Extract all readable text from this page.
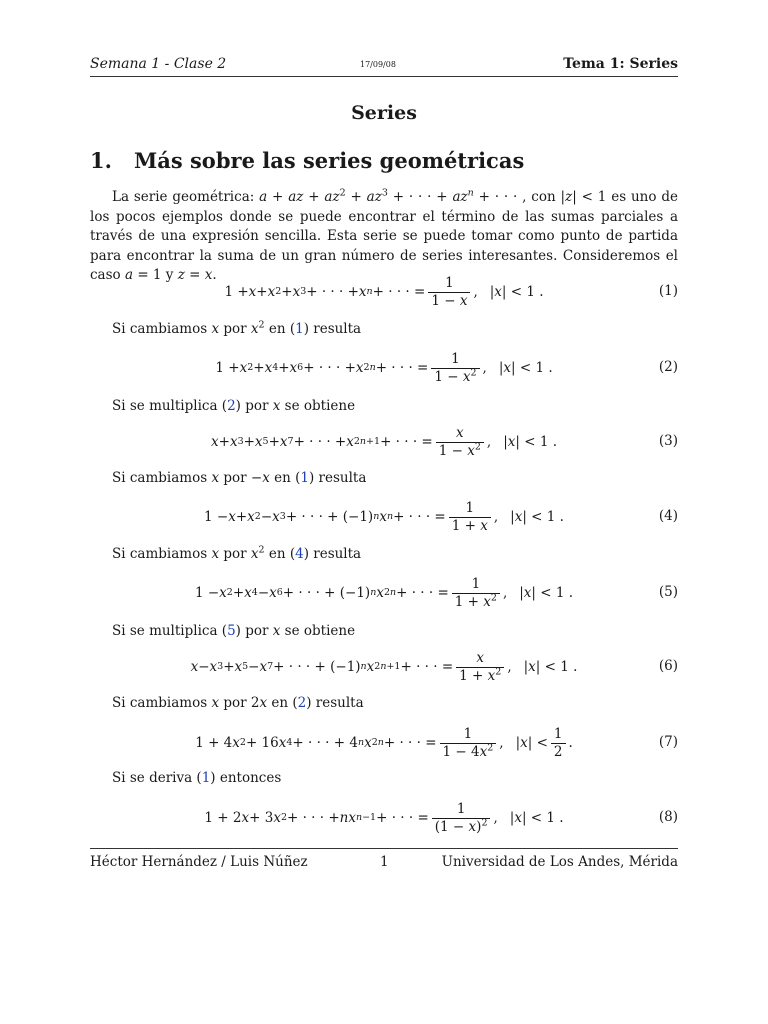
Semana 1 - Clase 2	17/09/08	Tema 1: Series
Series
1. Más sobre las series geométricas
La serie geométrica: a + az + $az^2 + az^3$ + · · · + $az^n$ + · · · , con |z| < 1 es uno de los pocos ejemplos donde se puede encontrar el término de las sumas parciales a través de una expresión sencilla. Esta serie se puede tomar como punto de partida para encontrar la suma de un gran número de series interesantes. Consideremos el caso a = 1 y z = x.
1 + x + x 2 + x 3 + · · · + x n + · · · = $\frac{1}{1 - x}$ , |x| < 1 .	(1)
Si cambiamos x por $x^2$ en (1) resulta
1 + x 2 + x 4 + x 6 + · · · + x 2n + · · · = $\frac{1}{1 - x^2}$ , |x| < 1 .	(2)
Si se multiplica (2) por x se obtiene
x + x 3 + x 5 + x 7 + · · · + x 2n+1 + · · · = $\frac{x}{1 - x^2}$ , |x| < 1 .	(3)
Si cambiamos x por −x en (1) resulta
1 − x + x 2 − x 3 + · · · + (−1) n x n + · · · = $\frac{1}{1 + x}$ , |x| < 1 .	(4)
Si cambiamos x por $x^2$ en (4) resulta
1 − x 2 + x 4 − x 6 + · · · + (−1) n x 2n + · · · = $\frac{1}{1 + x^2}$ , |x| < 1 .	(5)
Si se multiplica (5) por x se obtiene
x − x 3 + x 5 − x 7 + · · · + (−1) n x 2n+1 + · · · = $\frac{x}{1 + x^2}$ , |x| < 1 .	(6)
Si cambiamos x por 2x en (2) resulta
1 + 4 x 2 + 16 x 4 + · · · + 4 n x 2n + · · · = $\frac{1}{1 - 4x^2}$ , $|x| < \frac{1}{2}$ .	(7)
Si se deriva (1) entonces
1 + 2 x + 3 x 2 + · · · + nx n−1 + · · · = $\frac{1}{(1 - x)^2}$ , |x| < 1 .	(8)
Héctor Hernández / Luis Núñez	1	Universidad de Los Andes, Mérida
